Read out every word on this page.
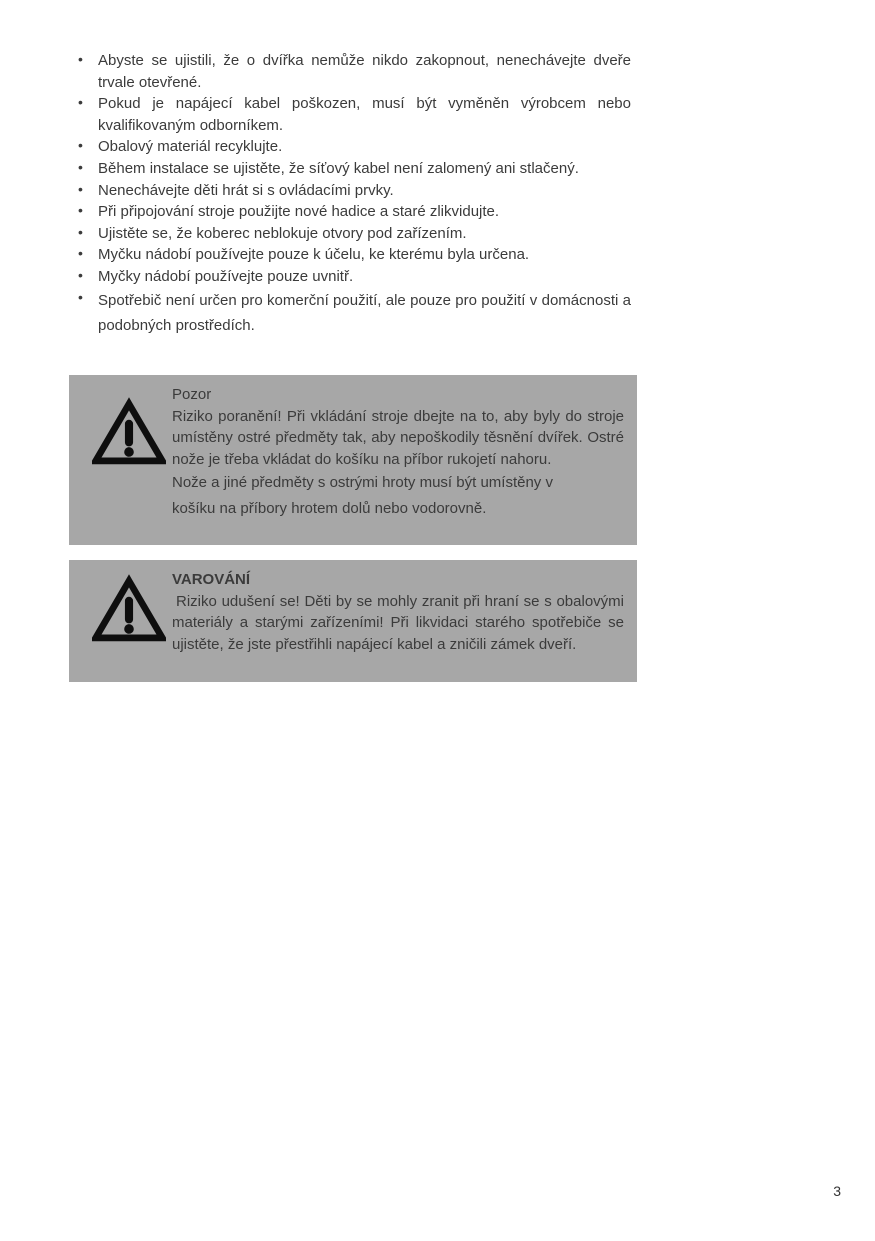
• Abyste se ujistili, že o dvířka nemůže nikdo zakopnout, nenechávejte dveře trvale otevřené.
• Pokud je napájecí kabel poškozen, musí být vyměněn výrobcem nebo kvalifikovaným odborníkem.
• Obalový materiál recyklujte.
• Během instalace se ujistěte, že síťový kabel není zalomený ani stlačený.
• Nenechávejte děti hrát si s ovládacími prvky.
• Při připojování stroje použijte nové hadice a staré zlikvidujte.
• Ujistěte se, že koberec neblokuje otvory pod zařízením.
• Myčku nádobí používejte pouze k účelu, ke kterému byla určena.
• Myčky nádobí používejte pouze uvnitř.
• Spotřebič není určen pro komerční použití, ale pouze pro použití v domácnosti a podobných prostředích.
Pozor
Riziko poranění! Při vkládání stroje dbejte na to, aby byly do stroje umístěny ostré předměty tak, aby nepoškodily těsnění dvířek. Ostré nože je třeba vkládat do košíku na příbor rukojetí nahoru.
Nože a jiné předměty s ostrými hroty musí být umístěny v
košíku na příbory hrotem dolů nebo vodorovně.
VAROVÁNÍ
Riziko udušení se! Děti by se mohly zranit při hraní se s obalovými materiály a starými zařízeními! Při likvidaci starého spotřebiče se ujistěte, že jste přestřihli napájecí kabel a zničili zámek dveří.
3
